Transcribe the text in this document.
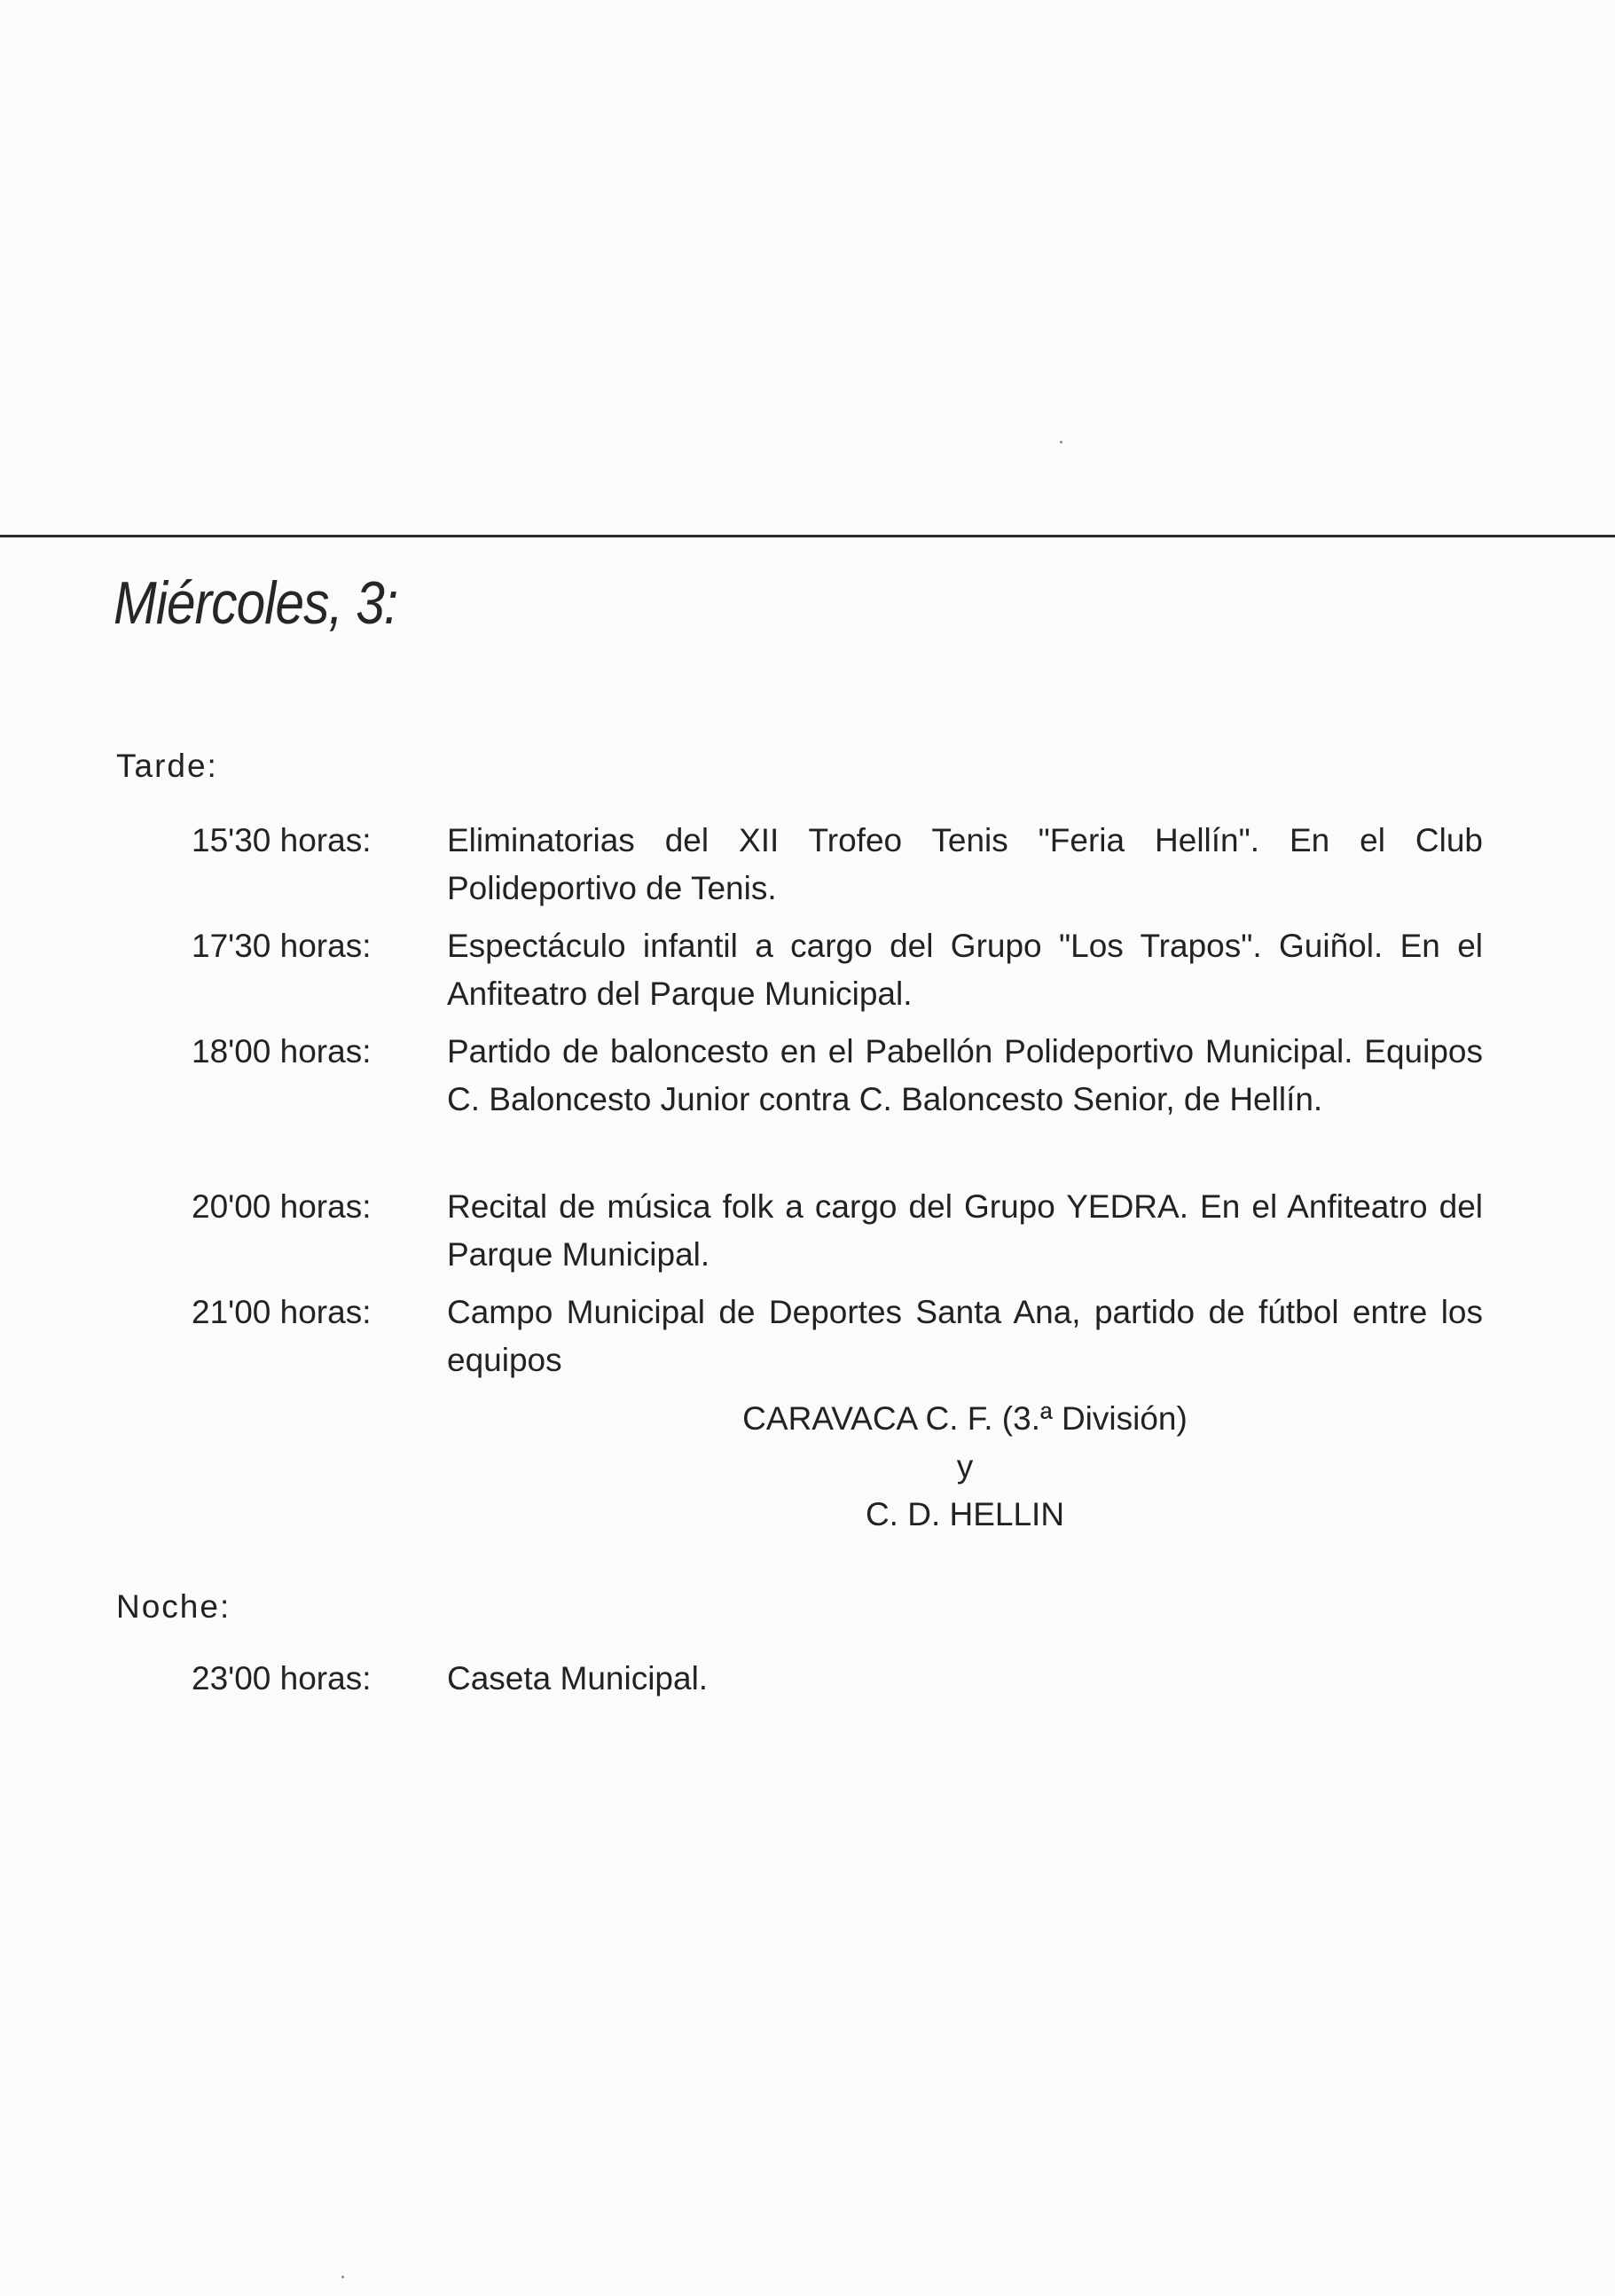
Miércoles, 3:
Tarde:
15'30 horas:	Eliminatorias del XII Trofeo Tenis "Feria Hellín". En el Club Polideportivo de Tenis.
17'30 horas:	Espectáculo infantil a cargo del Grupo "Los Trapos". Guiñol. En el Anfiteatro del Parque Municipal.
18'00 horas:	Partido de baloncesto en el Pabellón Polideportivo Municipal. Equipos C. Baloncesto Junior contra C. Baloncesto Senior, de Hellín.
20'00 horas:	Recital de música folk a cargo del Grupo YEDRA. En el Anfiteatro del Parque Municipal.
21'00 horas:	Campo Municipal de Deportes Santa Ana, partido de fútbol entre los equipos
CARAVACA C. F. (3.ª División)
y
C. D. HELLIN
Noche:
23'00 horas:	Caseta Municipal.
